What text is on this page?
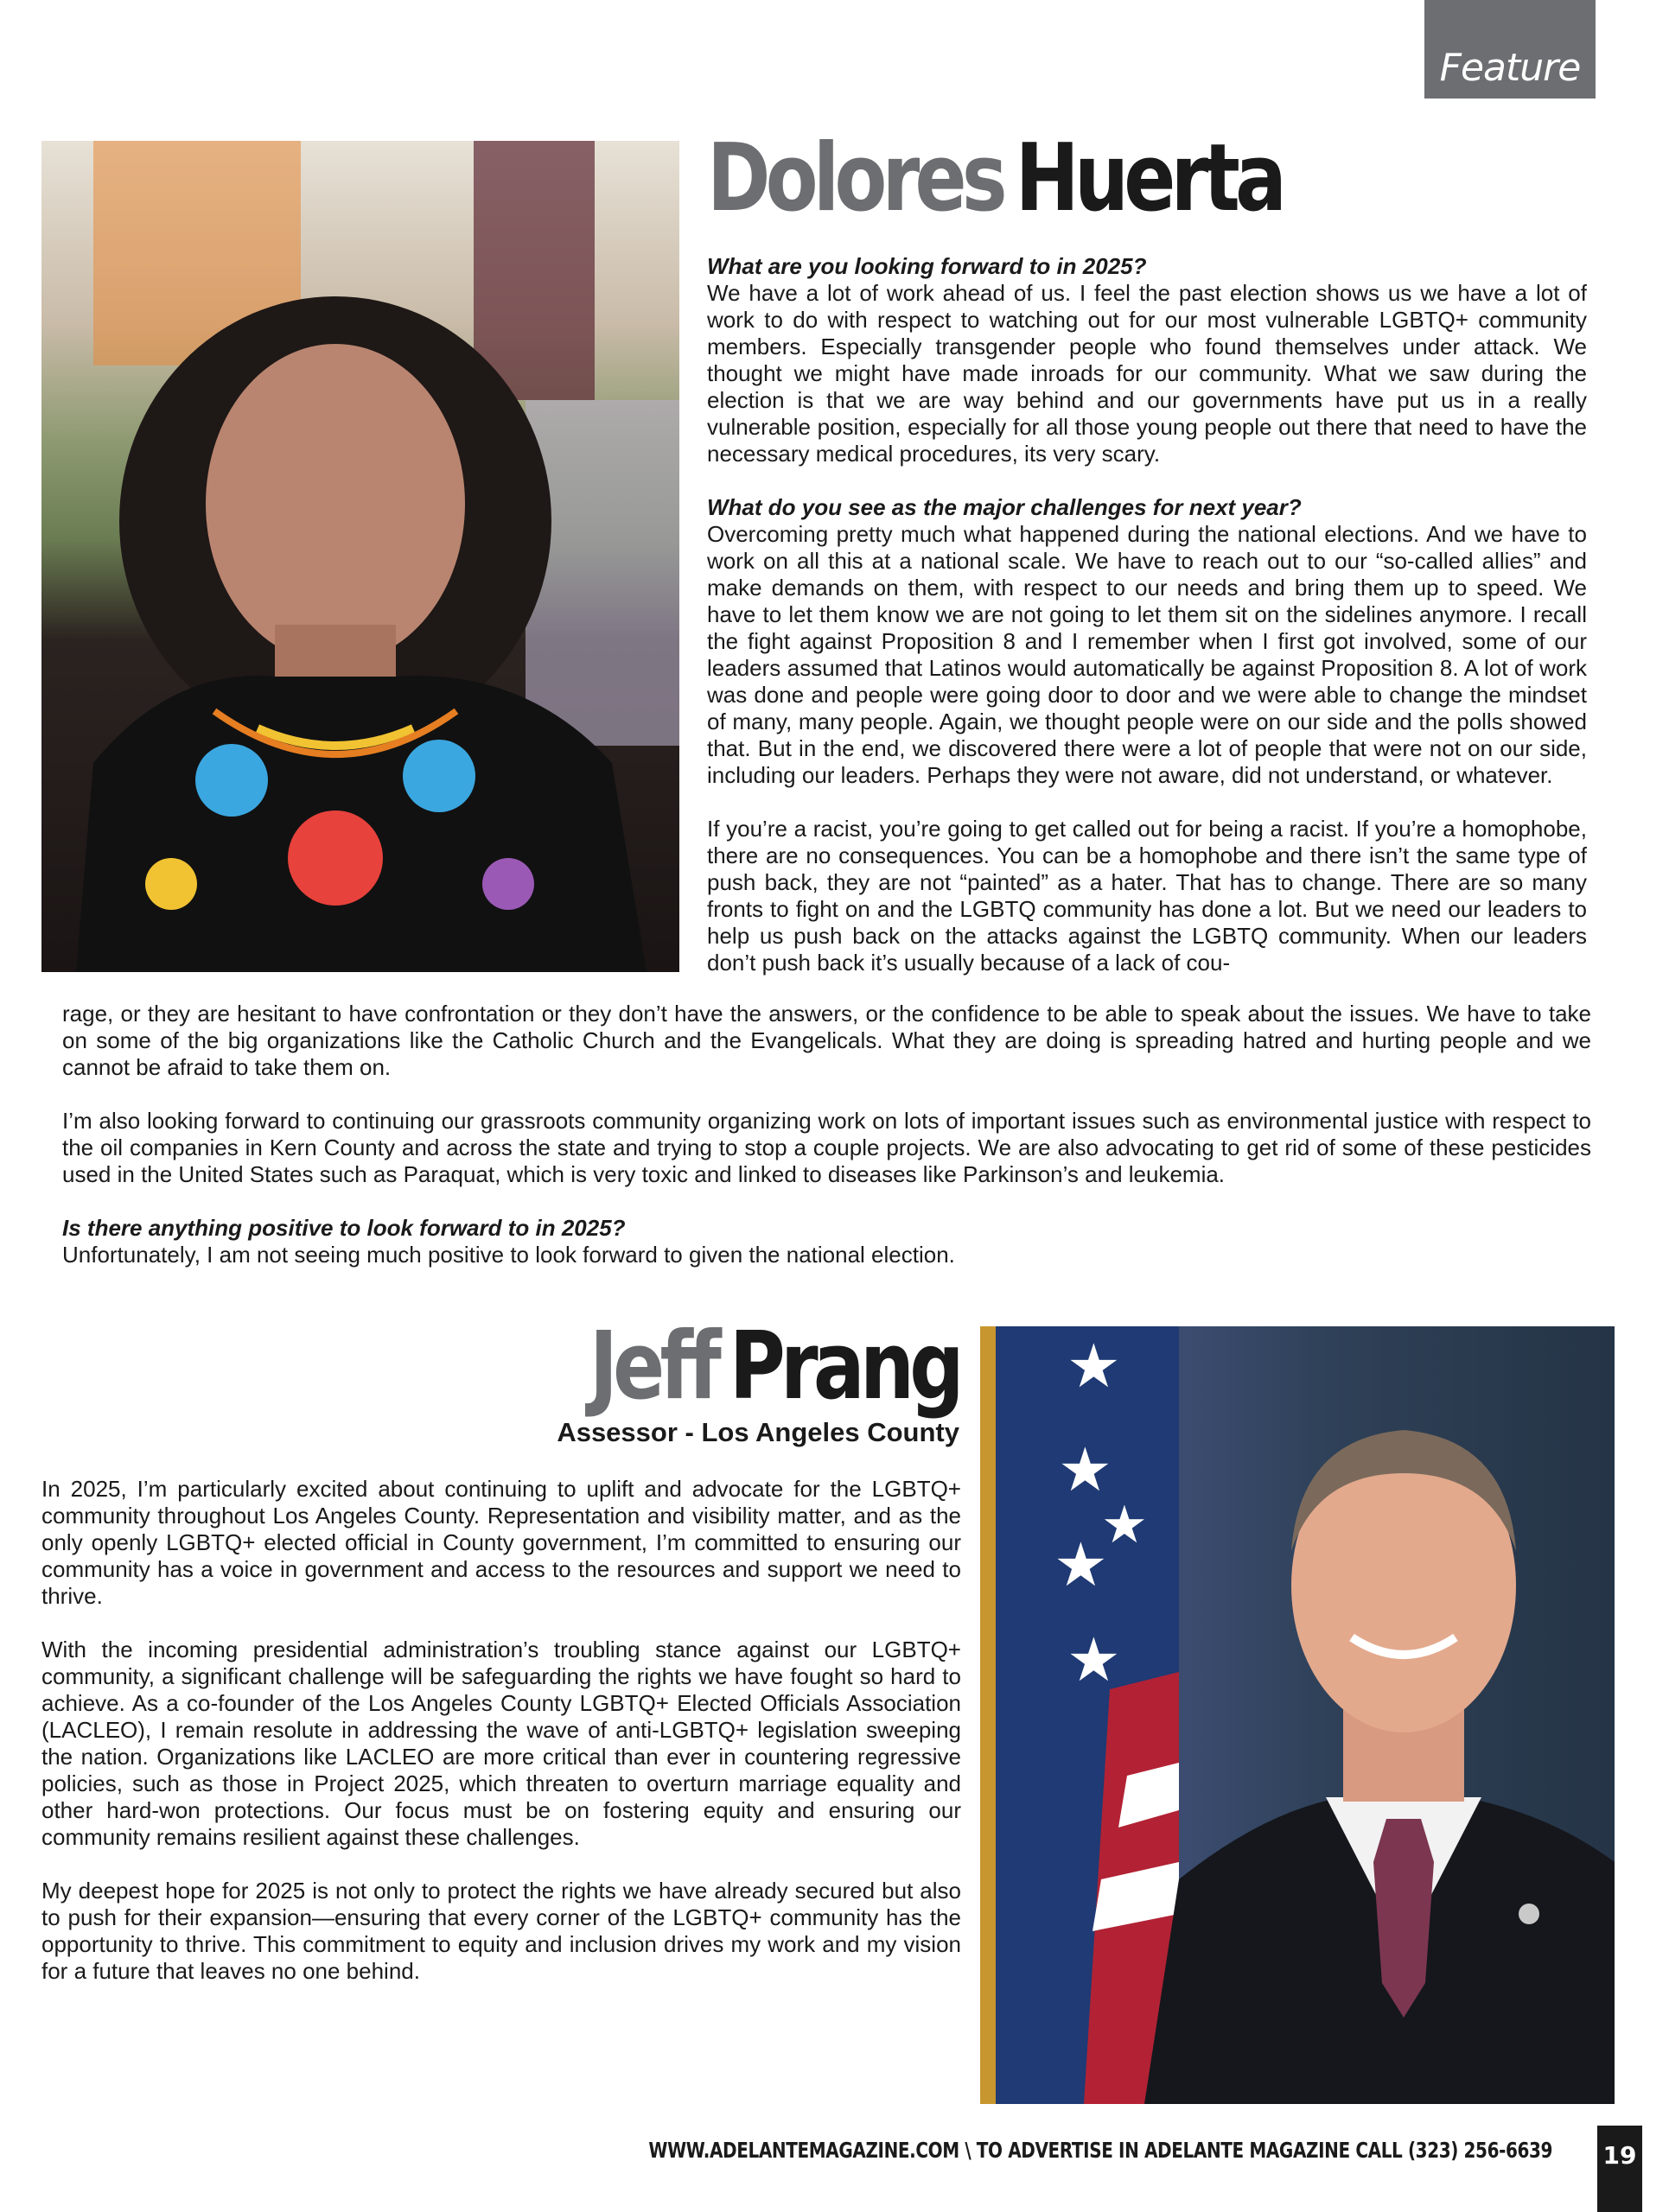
Feature
Dolores Huerta

What are you looking forward to in 2025?

We have a lot of work ahead of us. I feel the past election shows us we have a lot of work to do with respect to watching out for our most vulnerable LGBTQ+ community members. Especially transgender people who found themselves under attack. We thought we might have made inroads for our community. What we saw during the election is that we are way behind and our governments have put us in a really vulnerable position, especially for all those young people out there that need to have the necessary medical procedures, its very scary.

What do you see as the major challenges for next year?

Overcoming pretty much what happened during the national elections. And we have to work on all this at a national scale. We have to reach out to our “so-called allies” and make demands on them, with respect to our needs and bring them up to speed. We have to let them know we are not going to let them sit on the sidelines anymore. I recall the fight against Proposition 8 and I remember when I first got involved, some of our leaders assumed that Latinos would automatically be against Proposition 8. A lot of work was done and people were going door to door and we were able to change the mindset of many, many people. Again, we thought people were on our side and the polls showed that. But in the end, we discovered there were a lot of people that were not on our side, including our leaders. Perhaps they were not aware, did not understand, or whatever.

If you’re a racist, you’re going to get called out for being a racist. If you’re a homophobe, there are no consequences. You can be a homophobe and there isn’t the same type of push back, they are not “painted” as a hater. That has to change. There are so many fronts to fight on and the LGBTQ community has done a lot. But we need our leaders to help us push back on the attacks against the LGBTQ community. When our leaders don’t push back it’s usually because of a lack of cou-

rage, or they are hesitant to have confrontation or they don’t have the answers, or the confidence to be able to speak about the issues. We have to take on some of the big organizations like the Catholic Church and the Evangelicals. What they are doing is spreading hatred and hurting people and we cannot be afraid to take them on.

I’m also looking forward to continuing our grassroots community organizing work on lots of important issues such as environmental justice with respect to the oil companies in Kern County and across the state and trying to stop a couple projects. We are also advocating to get rid of some of these pesticides used in the United States such as Paraquat, which is very toxic and linked to diseases like Parkinson’s and leukemia.

Is there anything positive to look forward to in 2025?

Unfortunately, I am not seeing much positive to look forward to given the national election.

Jeff Prang
Assessor - Los Angeles County
★
★
★
★
★

In 2025, I’m particularly excited about continuing to uplift and advocate for the LGBTQ+ community throughout Los Angeles County. Representation and visibility matter, and as the only openly LGBTQ+ elected official in County government, I’m committed to ensuring our community has a voice in government and access to the resources and support we need to thrive.

With the incoming presidential administration’s troubling stance against our LGBTQ+ community, a significant challenge will be safeguarding the rights we have fought so hard to achieve. As a co-founder of the Los Angeles County LGBTQ+ Elected Officials Association (LACLEO), I remain resolute in addressing the wave of anti-LGBTQ+ legislation sweeping the nation. Organizations like LACLEO are more critical than ever in countering regressive policies, such as those in Project 2025, which threaten to overturn marriage equality and other hard-won protections. Our focus must be on fostering equity and ensuring our community remains resilient against these challenges.

My deepest hope for 2025 is not only to protect the rights we have already secured but also to push for their expansion—ensuring that every corner of the LGBTQ+ community has the opportunity to thrive. This commitment to equity and inclusion drives my work and my vision for a future that leaves no one behind.

WWW.ADELANTEMAGAZINE.COM \ TO ADVERTISE IN ADELANTE MAGAZINE CALL (323) 256-6639 19
